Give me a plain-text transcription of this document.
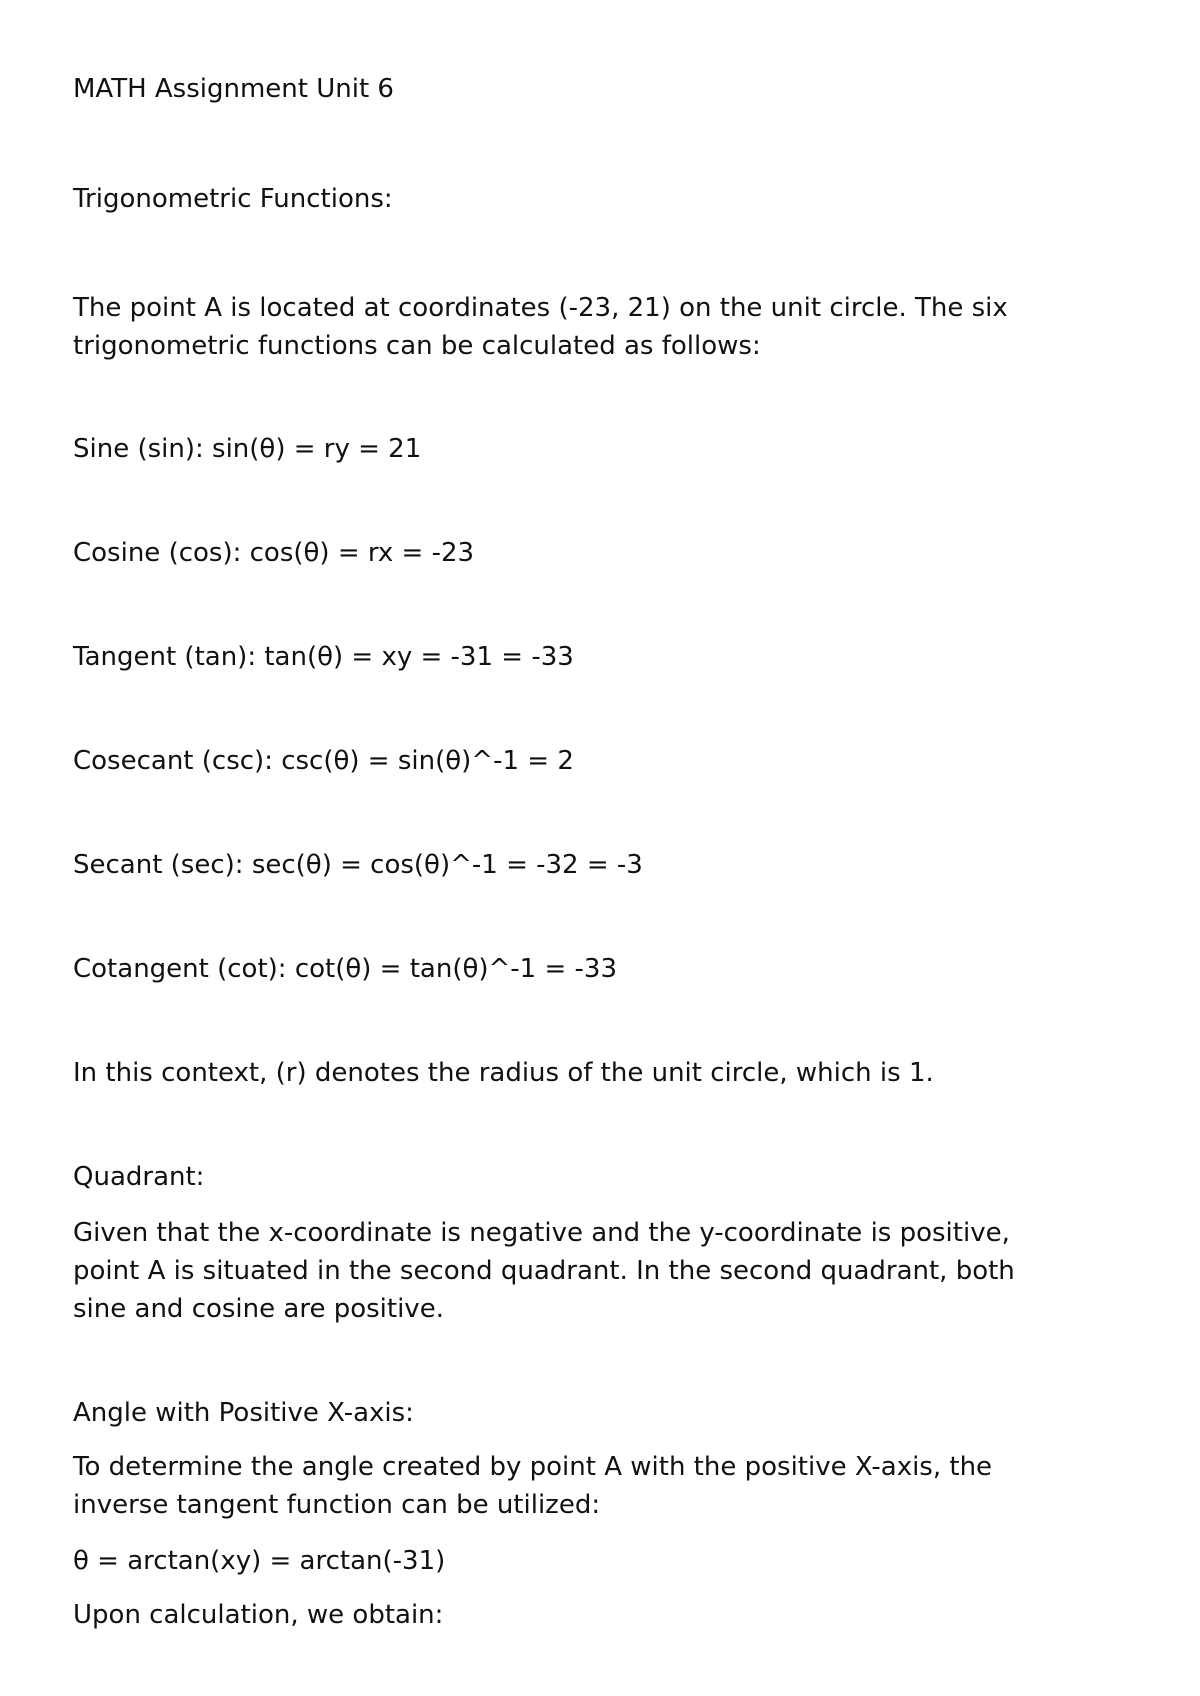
MATH Assignment Unit 6

Trigonometric Functions:

The point A is located at coordinates (-23, 21) on the unit circle. The six
trigonometric functions can be calculated as follows:

Sine (sin): sin(θ) = ry = 21

Cosine (cos): cos(θ) = rx = -23

Tangent (tan): tan(θ) = xy = -31 = -33

Cosecant (csc): csc(θ) = sin(θ)^-1 = 2

Secant (sec): sec(θ) = cos(θ)^-1 = -32 = -3

Cotangent (cot): cot(θ) = tan(θ)^-1 = -33

In this context, (r) denotes the radius of the unit circle, which is 1.

Quadrant:

Given that the x-coordinate is negative and the y-coordinate is positive,
point A is situated in the second quadrant. In the second quadrant, both
sine and cosine are positive.

Angle with Positive X-axis:

To determine the angle created by point A with the positive X-axis, the
inverse tangent function can be utilized:

θ = arctan(xy) = arctan(-31)

Upon calculation, we obtain:
